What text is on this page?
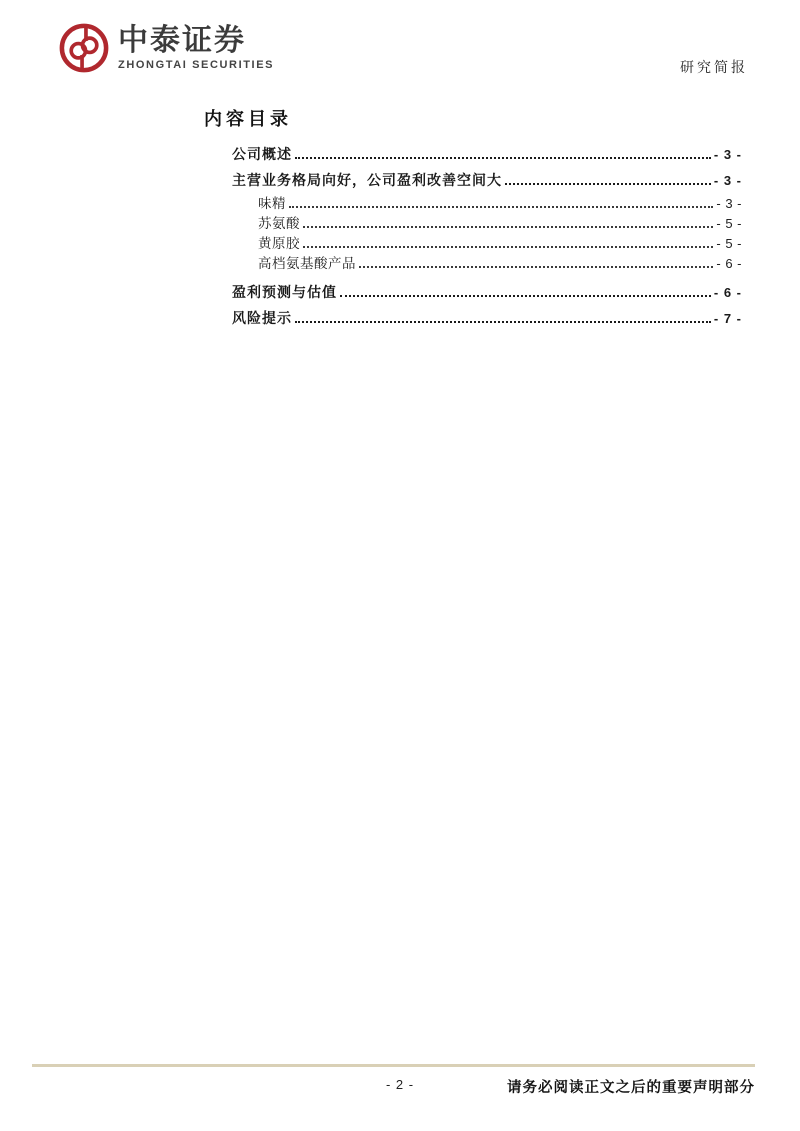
中泰证券
ZHONGTAI SECURITIES	研究简报
内容目录
公司概述	- 3 -
主营业务格局向好，公司盈利改善空间大	- 3 -
味精	- 3 -
苏氨酸	- 5 -
黄原胶	- 5 -
高档氨基酸产品	- 6 -
盈利预测与估值	- 6 -
风险提示	- 7 -
- 2 -	请务必阅读正文之后的重要声明部分
